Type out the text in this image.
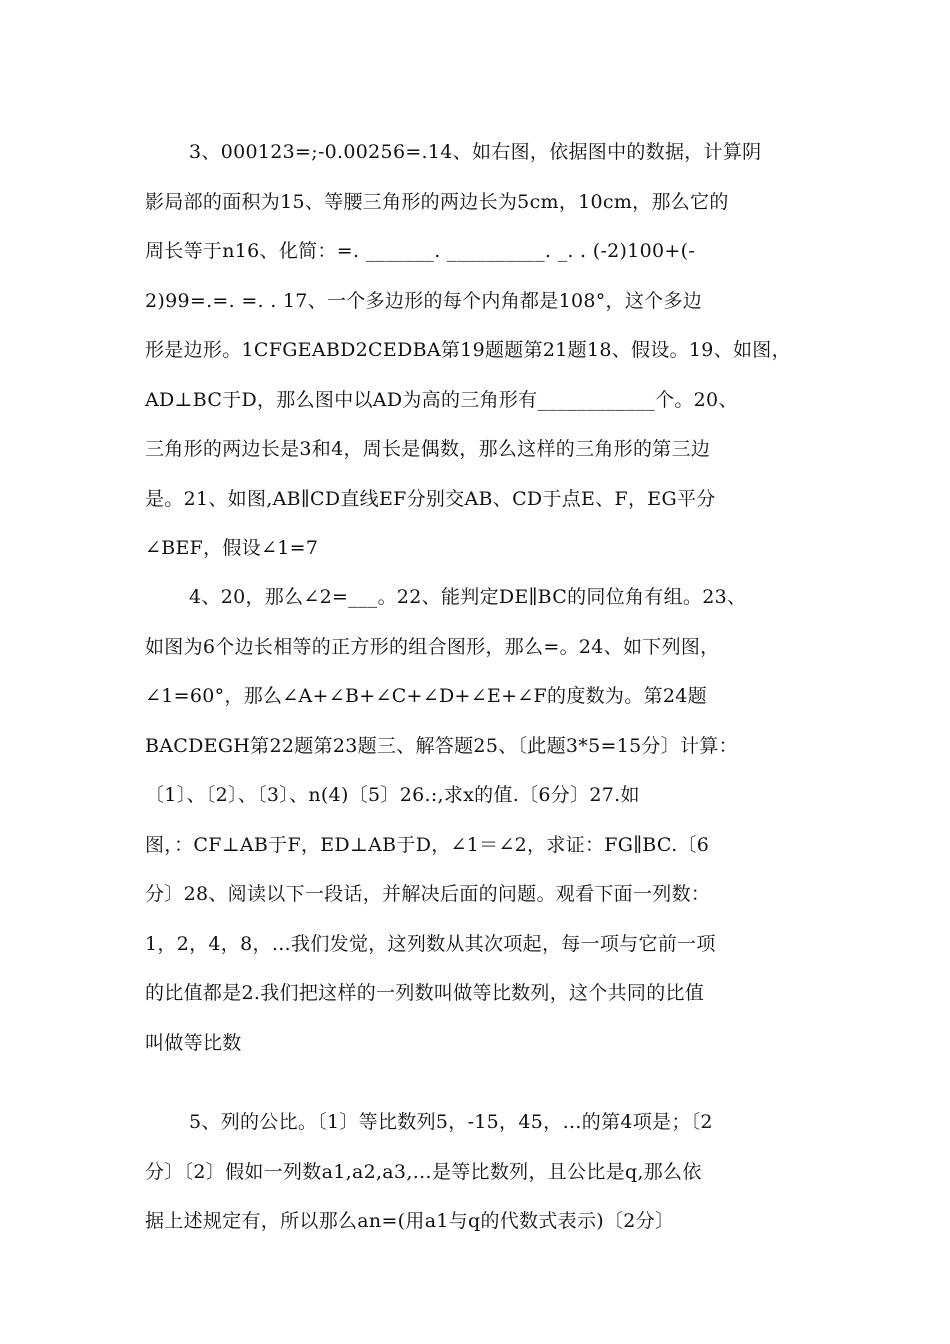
3、000123=;-0.00256=.14、如右图，依据图中的数据，计算阴
影局部的面积为15、等腰三角形的两边长为5cm，10cm，那么它的
周长等于n16、化简：=. _______. __________. _. . (-2)100+(-
2)99=.=. =. . 17、一个多边形的每个内角都是108°，这个多边
形是边形。1CFGEABD2CEDBA第19题题第21题18、假设。19、如图，
AD⊥BC于D，那么图中以AD为高的三角形有____________个。20、
三角形的两边长是3和4，周长是偶数，那么这样的三角形的第三边
是。21、如图,AB∥CD直线EF分别交AB、CD于点E、F，EG平分
∠BEF，假设∠1=7
4、20，那么∠2=___。22、能判定DE∥BC的同位角有组。23、
如图为6个边长相等的正方形的组合图形，那么=。24、如下列图，
∠1=60°，那么∠A+∠B+∠C+∠D+∠E+∠F的度数为。第24题
BACDEGH第22题第23题三、解答题25、〔此题3*5=15分〕计算：
〔1〕、〔2〕、〔3〕、n(4)〔5〕26.:,求x的值.〔6分〕27.如
图，：CF⊥AB于F，ED⊥AB于D，∠1＝∠2，求证：FG∥BC.〔6
分〕28、阅读以下一段话，并解决后面的问题。观看下面一列数：
1，2，4，8，…我们发觉，这列数从其次项起，每一项与它前一项
的比值都是2.我们把这样的一列数叫做等比数列，这个共同的比值
叫做等比数
5、列的公比。〔1〕等比数列5，-15，45，…的第4项是；〔2
分〕〔2〕假如一列数a1,a2,a3,…是等比数列，且公比是q,那么依
据上述规定有，所以那么an=(用a1与q的代数式表示)〔2分〕
